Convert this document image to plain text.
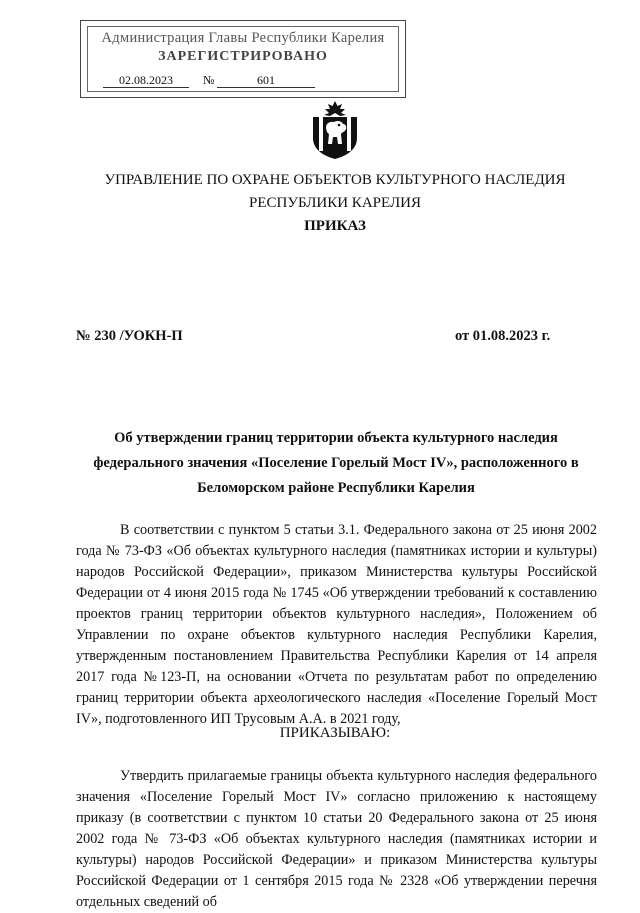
Администрация Главы Республики Карелия
ЗАРЕГИСТРИРОВАНО
02.08.2023	№	601
УПРАВЛЕНИЕ ПО ОХРАНЕ ОБЪЕКТОВ КУЛЬТУРНОГО НАСЛЕДИЯ
РЕСПУБЛИКИ КАРЕЛИЯ
ПРИКАЗ
№ 230 /УОКН-П	от 01.08.2023 г.
Об утверждении границ территории объекта культурного наследия
федерального значения «Поселение Горелый Мост IV», расположенного в
Беломорском районе Республики Карелия
В соответствии с пунктом 5 статьи 3.1. Федерального закона от 25 июня 2002 года № 73-ФЗ «Об объектах культурного наследия (памятниках истории и культуры) народов Российской Федерации», приказом Министерства культуры Российской Федерации от 4 июня 2015 года № 1745 «Об утверждении требований к составлению проектов границ территории объектов культурного наследия», Положением об Управлении по охране объектов культурного наследия Республики Карелия, утвержденным постановлением Правительства Республики Карелия от 14 апреля 2017 года №123-П, на основании «Отчета по результатам работ по определению границ территории объекта археологического наследия «Поселение Горелый Мост IV», подготовленного ИП Трусовым А.А. в 2021 году,
ПРИКАЗЫВАЮ:
Утвердить прилагаемые границы объекта культурного наследия федерального значения «Поселение Горелый Мост IV» согласно приложению к настоящему приказу (в соответствии с пунктом 10 статьи 20 Федерального закона от 25 июня 2002 года № 73-ФЗ «Об объектах культурного наследия (памятниках истории и культуры) народов Российской Федерации» и приказом Министерства культуры Российской Федерации от 1 сентября 2015 года № 2328 «Об утверждении перечня отдельных сведений об
